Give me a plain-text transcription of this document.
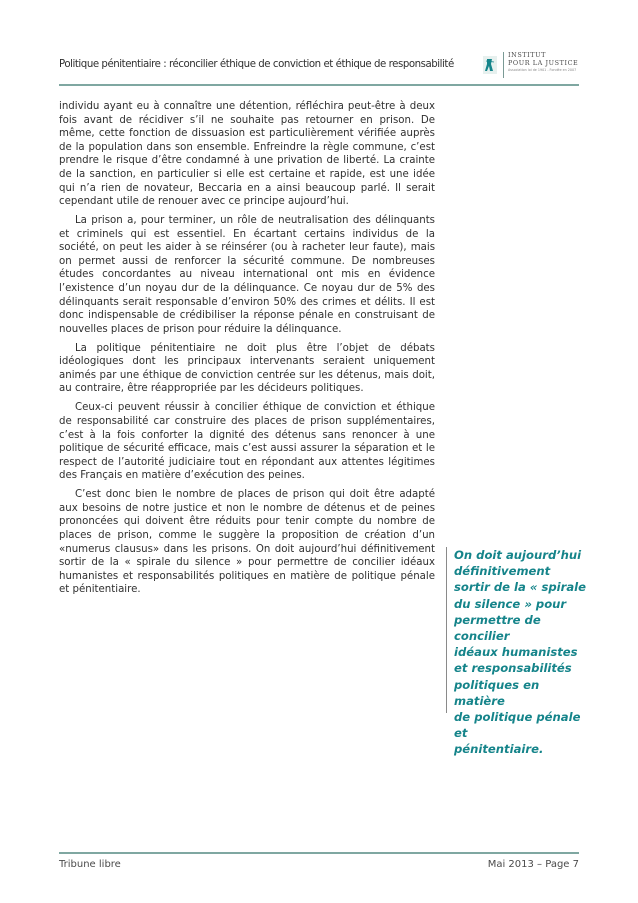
Politique pénitentiaire : réconcilier éthique de conviction et éthique de responsabilité
INSTITUT
POUR LA JUSTICE
Association loi de 1901 - Fondée en 2007

individu ayant eu à connaître une détention, réfléchira peut-être à deux fois avant de récidiver s’il ne souhaite pas retourner en prison. De même, cette fonction de dissuasion est particulièrement vérifiée auprès de la population dans son ensemble. Enfreindre la règle commune, c’est prendre le risque d’être condamné à une privation de liberté. La crainte de la sanction, en particulier si elle est certaine et rapide, est une idée qui n’a rien de novateur, Beccaria en a ainsi beaucoup parlé. Il serait cependant utile de renouer avec ce principe aujourd’hui.

La prison a, pour terminer, un rôle de neutralisation des délinquants et criminels qui est essentiel. En écartant certains individus de la société, on peut les aider à se réinsérer (ou à racheter leur faute), mais on permet aussi de renforcer la sécurité commune. De nombreuses études concordantes au niveau international ont mis en évidence l’existence d’un noyau dur de la délinquance. Ce noyau dur de 5% des délinquants serait responsable d’environ 50% des crimes et délits. Il est donc indispensable de crédibiliser la réponse pénale en construisant de nouvelles places de prison pour réduire la délinquance.

La politique pénitentiaire ne doit plus être l’objet de débats idéologiques dont les principaux intervenants seraient uniquement animés par une éthique de conviction centrée sur les détenus, mais doit, au contraire, être réappropriée par les décideurs politiques.

Ceux-ci peuvent réussir à concilier éthique de conviction et éthique de responsabilité car construire des places de prison supplémentaires, c’est à la fois conforter la dignité des détenus sans renoncer à une politique de sécurité efficace, mais c’est aussi assurer la séparation et le respect de l’autorité judiciaire tout en répondant aux attentes légitimes des Français en matière d’exécution des peines.

C’est donc bien le nombre de places de prison qui doit être adapté aux besoins de notre justice et non le nombre de détenus et de peines prononcées qui doivent être réduits pour tenir compte du nombre de places de prison, comme le suggère la proposition de création d’un «numerus clausus» dans les prisons. On doit aujourd’hui définitivement sortir de la « spirale du silence » pour permettre de concilier idéaux humanistes et responsabilités politiques en matière de politique pénale et pénitentiaire.

On doit aujourd’hui
définitivement
sortir de la « spirale
du silence » pour
permettre de concilier
idéaux humanistes
et responsabilités
politiques en matière
de politique pénale et
pénitentiaire.
Tribune libre	Mai 2013 – Page 7
